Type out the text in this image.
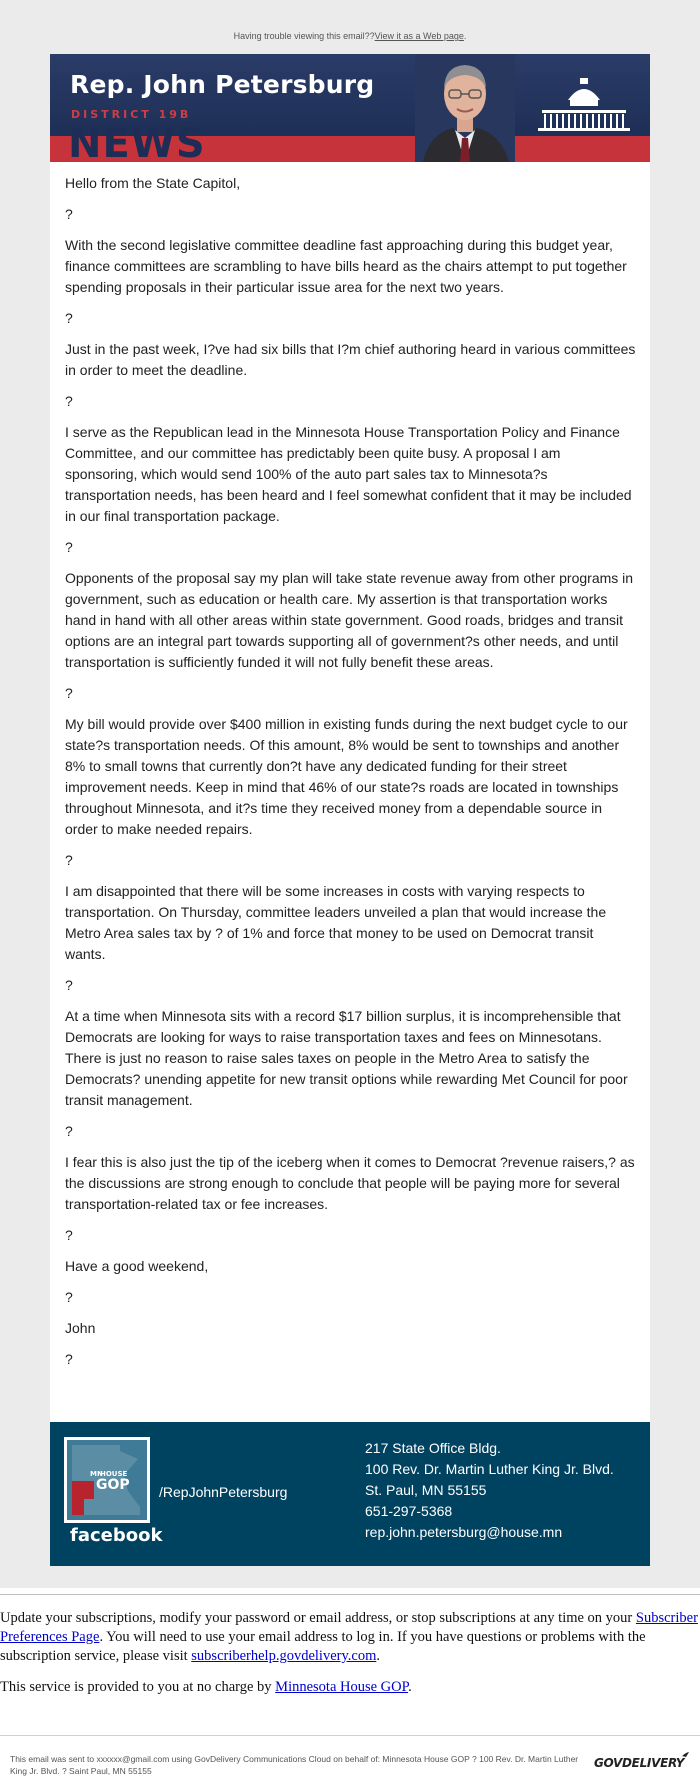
Having trouble viewing this email??View it as a Web page.
Rep. John Petersburg
DISTRICT 19B
NEWS

Hello from the State Capitol,

?

With the second legislative committee deadline fast approaching during this budget year, finance committees are scrambling to have bills heard as the chairs attempt to put together spending proposals in their particular issue area for the next two years.

?

Just in the past week, I?ve had six bills that I?m chief authoring heard in various committees in order to meet the deadline.

?

I serve as the Republican lead in the Minnesota House Transportation Policy and Finance Committee, and our committee has predictably been quite busy. A proposal I am sponsoring, which would send 100% of the auto part sales tax to Minnesota?s transportation needs, has been heard and I feel somewhat confident that it may be included in our final transportation package.

?

Opponents of the proposal say my plan will take state revenue away from other programs in government, such as education or health care. My assertion is that transportation works hand in hand with all other areas within state government. Good roads, bridges and transit options are an integral part towards supporting all of government?s other needs, and until transportation is sufficiently funded it will not fully benefit these areas.

?

My bill would provide over $400 million in existing funds during the next budget cycle to our state?s transportation needs. Of this amount, 8% would be sent to townships and another 8% to small towns that currently don?t have any dedicated funding for their street improvement needs. Keep in mind that 46% of our state?s roads are located in townships throughout Minnesota, and it?s time they received money from a dependable source in order to make needed repairs.

?

I am disappointed that there will be some increases in costs with varying respects to transportation. On Thursday, committee leaders unveiled a plan that would increase the Metro Area sales tax by ? of 1% and force that money to be used on Democrat transit wants.

?

At a time when Minnesota sits with a record $17 billion surplus, it is incomprehensible that Democrats are looking for ways to raise transportation taxes and fees on Minnesotans. There is just no reason to raise sales taxes on people in the Metro Area to satisfy the Democrats? unending appetite for new transit options while rewarding Met Council for poor transit management.

?

I fear this is also just the tip of the iceberg when it comes to Democrat ?revenue raisers,? as the discussions are strong enough to conclude that people will be paying more for several transportation-related tax or fee increases.

?

Have a good weekend,

?

John

?

MN
HOUSE
GOP
facebook
/RepJohnPetersburg
217 State Office Bldg.
100 Rev. Dr. Martin Luther King Jr. Blvd.
St. Paul, MN 55155
651-297-5368
rep.john.petersburg@house.mn

Update your subscriptions, modify your password or email address, or stop subscriptions at any time on your Subscriber Preferences Page. You will need to use your email address to log in. If you have questions or problems with the subscription service, please visit subscriberhelp.govdelivery.com.

This service is provided to you at no charge by Minnesota House GOP.

This email was sent to xxxxxx@gmail.com using GovDelivery Communications Cloud on behalf of: Minnesota House GOP ? 100 Rev. Dr. Martin Luther King Jr. Blvd. ? Saint Paul, MN 55155
GOVDELIVERY
